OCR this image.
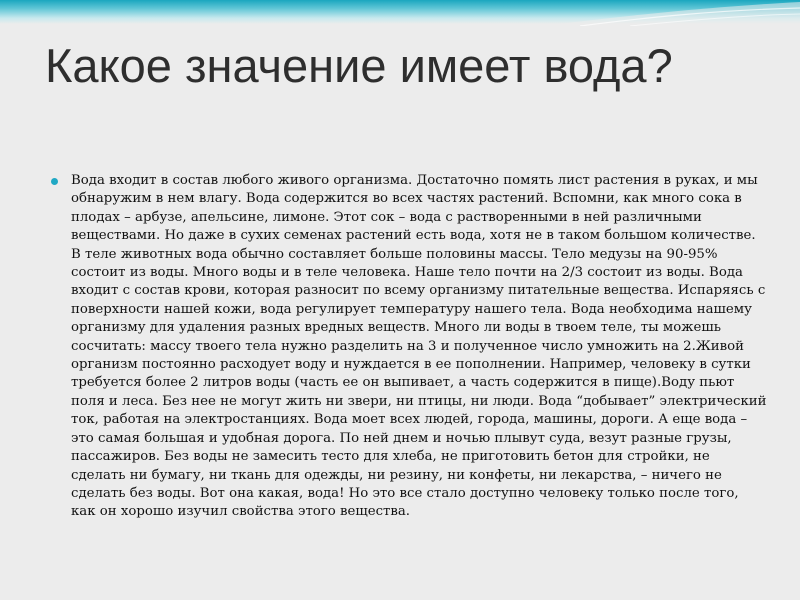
Какое значение имеет вода?
Вода входит в состав любого живого организма. Достаточно помять лист растения в руках, и мы обнаружим в нем влагу. Вода содержится во всех частях растений. Вспомни, как много сока в плодах – арбузе, апельсине, лимоне. Этот сок – вода с растворенными в ней различными веществами. Но даже в сухих семенах растений есть вода, хотя не в таком большом количестве. В теле животных вода обычно составляет больше половины массы. Тело медузы на 90-95% состоит из воды. Много воды и в теле человека. Наше тело почти на 2/3 состоит из воды. Вода входит с состав крови, которая разносит по всему организму питательные вещества. Испаряясь с поверхности нашей кожи, вода регулирует температуру нашего тела. Вода необходима нашему организму для удаления разных вредных веществ. Много ли воды в твоем теле, ты можешь сосчитать: массу твоего тела нужно разделить на 3 и полученное число умножить на 2.Живой организм постоянно расходует воду и нуждается в ее пополнении. Например, человеку в сутки требуется более 2 литров воды (часть ее он выпивает, а часть содержится в пище).Воду пьют поля и леса. Без нее не могут жить ни звери, ни птицы, ни люди. Вода “добывает” электрический ток, работая на электростанциях. Вода моет всех людей, города, машины, дороги. А еще вода – это самая большая и удобная дорога. По ней днем и ночью плывут суда, везут разные грузы, пассажиров. Без воды не замесить тесто для хлеба, не приготовить бетон для стройки, не сделать ни бумагу, ни ткань для одежды, ни резину, ни конфеты, ни лекарства, – ничего не сделать без воды. Вот она какая, вода! Но это все стало доступно человеку только после того, как он хорошо изучил свойства этого вещества.
